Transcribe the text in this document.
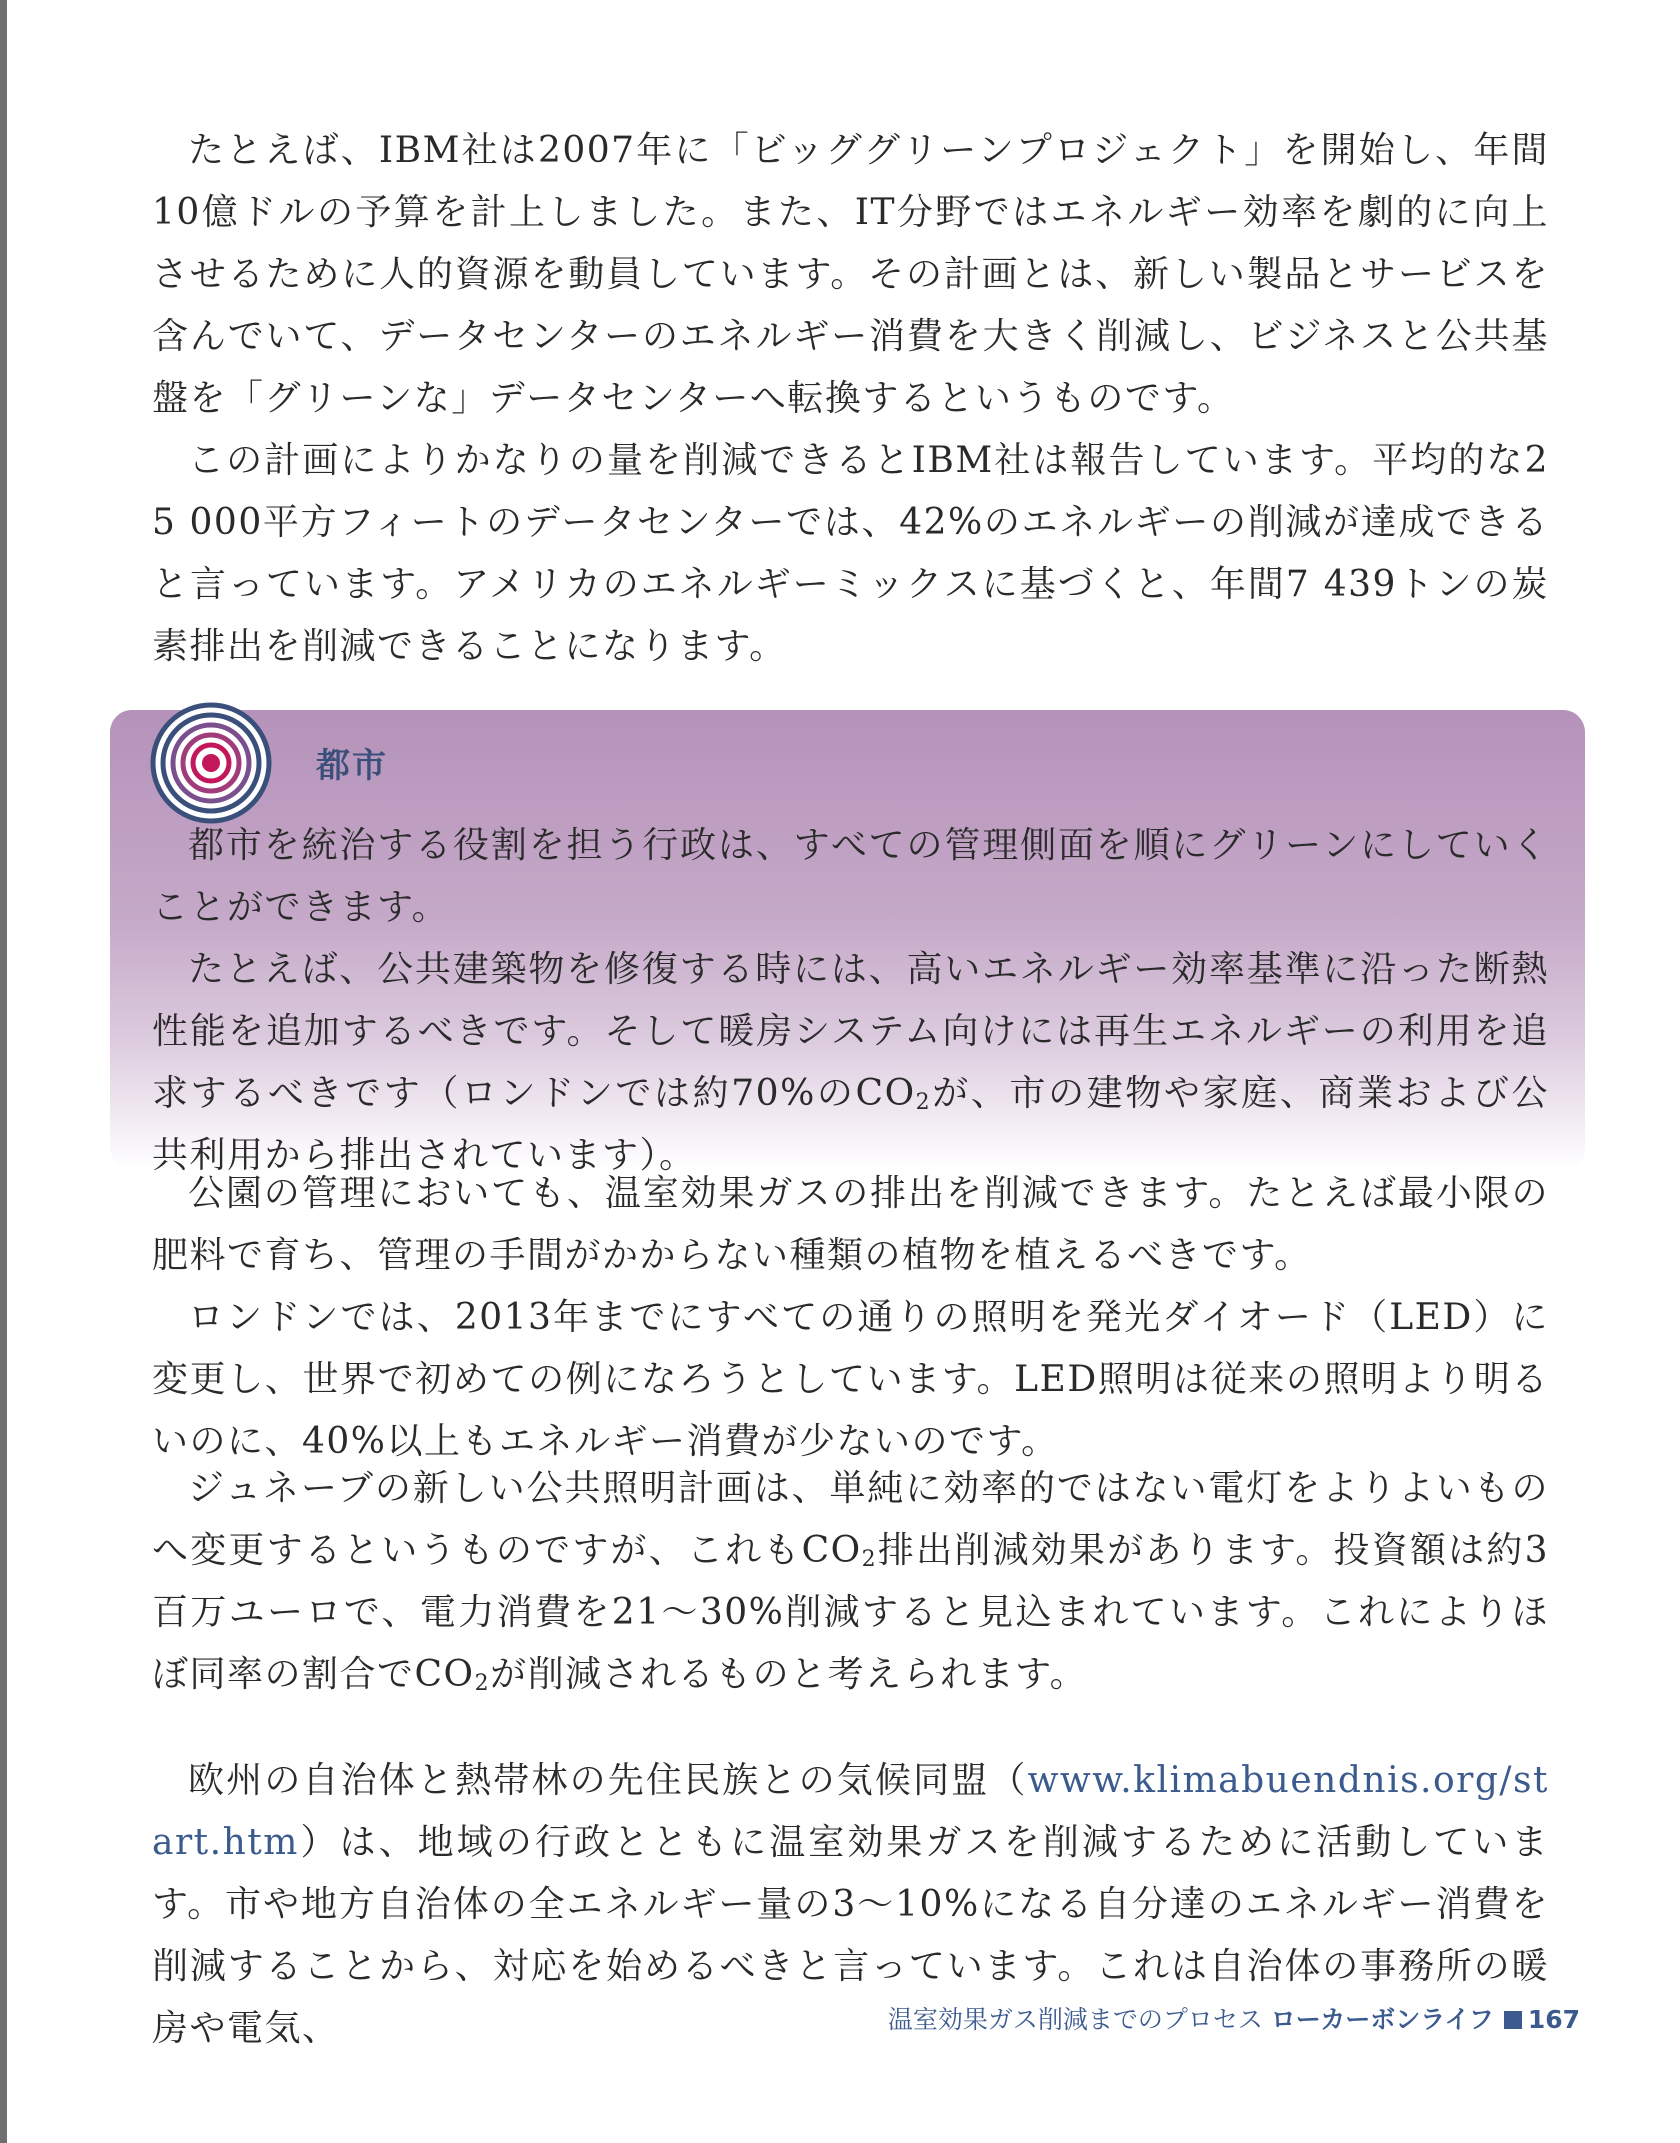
たとえば、IBM社は2007年に「ビッググリーンプロジェクト」を開始し、年間10億ドルの予算を計上しました。また、IT分野ではエネルギー効率を劇的に向上させるために人的資源を動員しています。その計画とは、新しい製品とサービスを含んでいて、データセンターのエネルギー消費を大きく削減し、ビジネスと公共基盤を「グリーンな」データセンターへ転換するというものです。

この計画によりかなりの量を削減できるとIBM社は報告しています。平均的な25 000平方フィートのデータセンターでは、42%のエネルギーの削減が達成できると言っています。アメリカのエネルギーミックスに基づくと、年間7 439トンの炭素排出を削減できることになります。

都市

都市を統治する役割を担う行政は、すべての管理側面を順にグリーンにしていくことができます。

たとえば、公共建築物を修復する時には、高いエネルギー効率基準に沿った断熱性能を追加するべきです。そして暖房システム向けには再生エネルギーの利用を追求するべきです（ロンドンでは約70%の$CO_2$が、市の建物や家庭、商業および公共利用から排出されています）。

公園の管理においても、温室効果ガスの排出を削減できます。たとえば最小限の肥料で育ち、管理の手間がかからない種類の植物を植えるべきです。

ロンドンでは、2013年までにすべての通りの照明を発光ダイオード（LED）に変更し、世界で初めての例になろうとしています。LED照明は従来の照明より明るいのに、40%以上もエネルギー消費が少ないのです。

ジュネーブの新しい公共照明計画は、単純に効率的ではない電灯をよりよいものへ変更するというものですが、これも$CO_2$排出削減効果があります。投資額は約3百万ユーロで、電力消費を21～30%削減すると見込まれています。これによりほぼ同率の割合で$CO_2$が削減されるものと考えられます。

欧州の自治体と熱帯林の先住民族との気候同盟（www.klimabuendnis.org/start.htm）は、地域の行政とともに温室効果ガスを削減するために活動しています。市や地方自治体の全エネルギー量の3～10%になる自分達のエネルギー消費を削減することから、対応を始めるべきと言っています。これは自治体の事務所の暖房や電気、	温室効果ガス削減までのプロセス ローカーボンライフ 167
